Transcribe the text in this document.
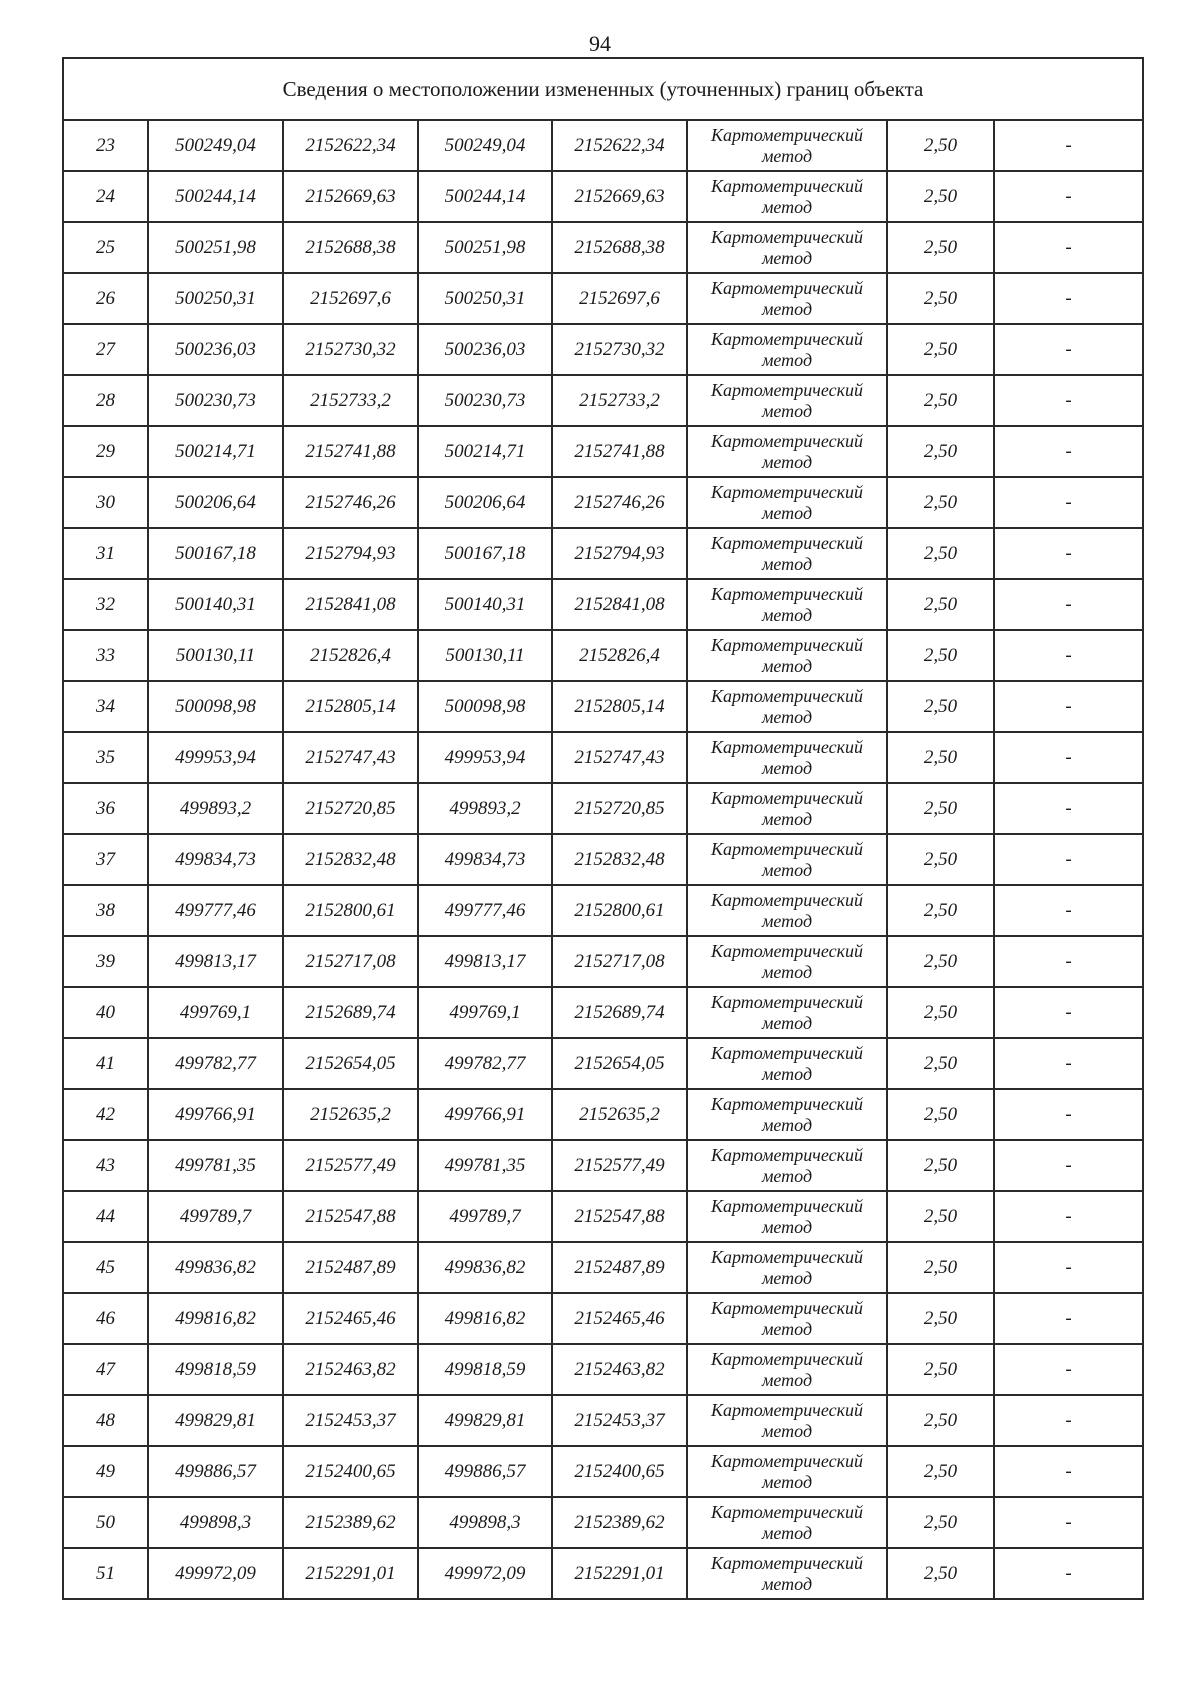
94
Сведения о местоположении измененных (уточненных) границ объекта							
23	500249,04	2152622,34	500249,04	2152622,34	Картометрический метод	2,50	-
24	500244,14	2152669,63	500244,14	2152669,63	Картометрический метод	2,50	-
25	500251,98	2152688,38	500251,98	2152688,38	Картометрический метод	2,50	-
26	500250,31	2152697,6	500250,31	2152697,6	Картометрический метод	2,50	-
27	500236,03	2152730,32	500236,03	2152730,32	Картометрический метод	2,50	-
28	500230,73	2152733,2	500230,73	2152733,2	Картометрический метод	2,50	-
29	500214,71	2152741,88	500214,71	2152741,88	Картометрический метод	2,50	-
30	500206,64	2152746,26	500206,64	2152746,26	Картометрический метод	2,50	-
31	500167,18	2152794,93	500167,18	2152794,93	Картометрический метод	2,50	-
32	500140,31	2152841,08	500140,31	2152841,08	Картометрический метод	2,50	-
33	500130,11	2152826,4	500130,11	2152826,4	Картометрический метод	2,50	-
34	500098,98	2152805,14	500098,98	2152805,14	Картометрический метод	2,50	-
35	499953,94	2152747,43	499953,94	2152747,43	Картометрический метод	2,50	-
36	499893,2	2152720,85	499893,2	2152720,85	Картометрический метод	2,50	-
37	499834,73	2152832,48	499834,73	2152832,48	Картометрический метод	2,50	-
38	499777,46	2152800,61	499777,46	2152800,61	Картометрический метод	2,50	-
39	499813,17	2152717,08	499813,17	2152717,08	Картометрический метод	2,50	-
40	499769,1	2152689,74	499769,1	2152689,74	Картометрический метод	2,50	-
41	499782,77	2152654,05	499782,77	2152654,05	Картометрический метод	2,50	-
42	499766,91	2152635,2	499766,91	2152635,2	Картометрический метод	2,50	-
43	499781,35	2152577,49	499781,35	2152577,49	Картометрический метод	2,50	-
44	499789,7	2152547,88	499789,7	2152547,88	Картометрический метод	2,50	-
45	499836,82	2152487,89	499836,82	2152487,89	Картометрический метод	2,50	-
46	499816,82	2152465,46	499816,82	2152465,46	Картометрический метод	2,50	-
47	499818,59	2152463,82	499818,59	2152463,82	Картометрический метод	2,50	-
48	499829,81	2152453,37	499829,81	2152453,37	Картометрический метод	2,50	-
49	499886,57	2152400,65	499886,57	2152400,65	Картометрический метод	2,50	-
50	499898,3	2152389,62	499898,3	2152389,62	Картометрический метод	2,50	-
51	499972,09	2152291,01	499972,09	2152291,01	Картометрический метод	2,50	-
